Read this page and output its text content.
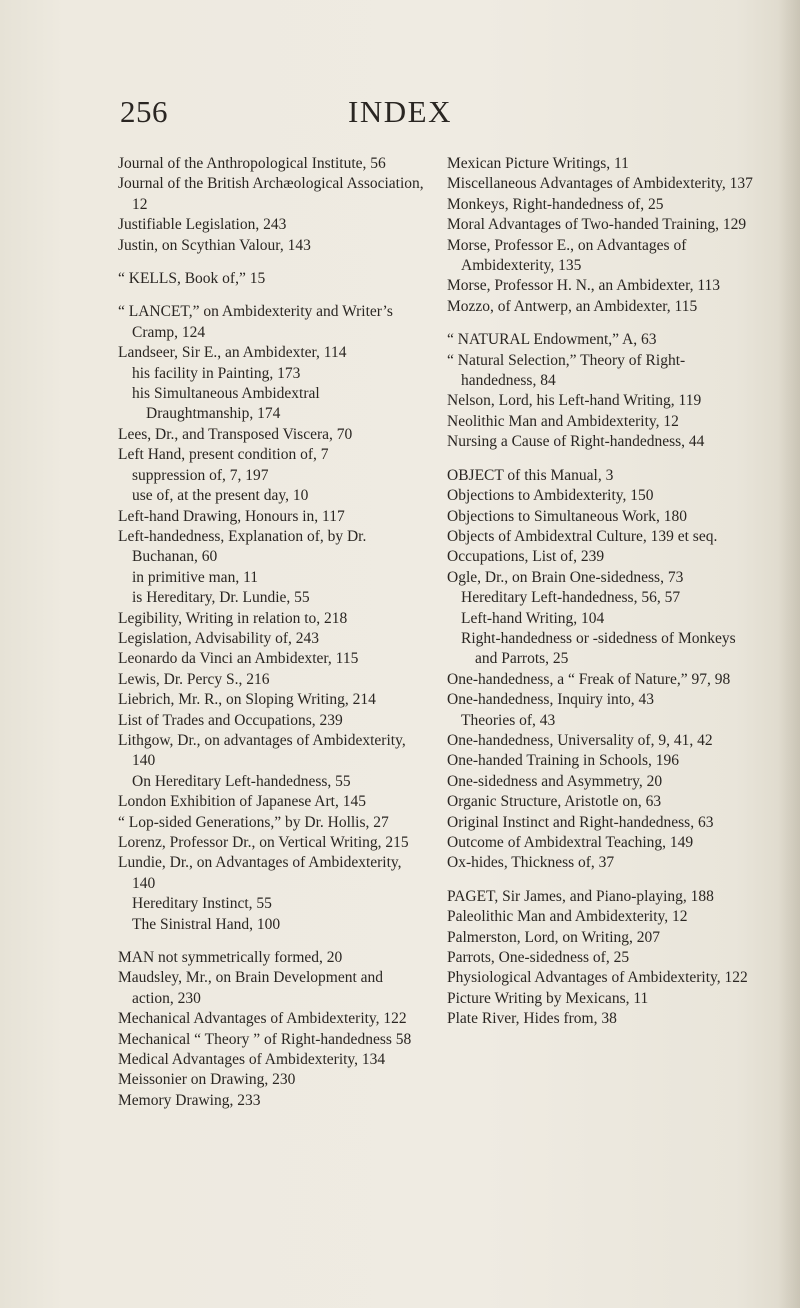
256	INDEX
Journal of the Anthropological Institute, 56
Journal of the British Archæological Association, 12
Justifiable Legislation, 243
Justin, on Scythian Valour, 143
“ KELLS, Book of,” 15
“ LANCET,” on Ambidexterity and Writer’s Cramp, 124
Landseer, Sir E., an Ambidexter, 114
his facility in Painting, 173
his Simultaneous Ambidextral Draughtmanship, 174
Lees, Dr., and Transposed Viscera, 70
Left Hand, present condition of, 7
suppression of, 7, 197
use of, at the present day, 10
Left-hand Drawing, Honours in, 117
Left-handedness, Explanation of, by Dr. Buchanan, 60
in primitive man, 11
is Hereditary, Dr. Lundie, 55
Legibility, Writing in relation to, 218
Legislation, Advisability of, 243
Leonardo da Vinci an Ambidexter, 115
Lewis, Dr. Percy S., 216
Liebrich, Mr. R., on Sloping Writing, 214
List of Trades and Occupations, 239
Lithgow, Dr., on advantages of Ambidexterity, 140
On Hereditary Left-handedness, 55
London Exhibition of Japanese Art, 145
“ Lop-sided Generations,” by Dr. Hollis, 27
Lorenz, Professor Dr., on Vertical Writing, 215
Lundie, Dr., on Advantages of Ambidexterity, 140
Hereditary Instinct, 55
The Sinistral Hand, 100
MAN not symmetrically formed, 20
Maudsley, Mr., on Brain Development and action, 230
Mechanical Advantages of Ambidexterity, 122
Mechanical “ Theory ” of Right-handedness 58
Medical Advantages of Ambidexterity, 134
Meissonier on Drawing, 230
Memory Drawing, 233
Mexican Picture Writings, 11
Miscellaneous Advantages of Ambidexterity, 137
Monkeys, Right-handedness of, 25
Moral Advantages of Two-handed Training, 129
Morse, Professor E., on Advantages of Ambidexterity, 135
Morse, Professor H. N., an Ambidexter, 113
Mozzo, of Antwerp, an Ambidexter, 115
“ NATURAL Endowment,” A, 63
“ Natural Selection,” Theory of Right-handedness, 84
Nelson, Lord, his Left-hand Writing, 119
Neolithic Man and Ambidexterity, 12
Nursing a Cause of Right-handedness, 44
OBJECT of this Manual, 3
Objections to Ambidexterity, 150
Objections to Simultaneous Work, 180
Objects of Ambidextral Culture, 139 et seq.
Occupations, List of, 239
Ogle, Dr., on Brain One-sidedness, 73
Hereditary Left-handedness, 56, 57
Left-hand Writing, 104
Right-handedness or -sidedness of Monkeys and Parrots, 25
One-handedness, a “ Freak of Nature,” 97, 98
One-handedness, Inquiry into, 43
Theories of, 43
One-handedness, Universality of, 9, 41, 42
One-handed Training in Schools, 196
One-sidedness and Asymmetry, 20
Organic Structure, Aristotle on, 63
Original Instinct and Right-handedness, 63
Outcome of Ambidextral Teaching, 149
Ox-hides, Thickness of, 37
PAGET, Sir James, and Piano-playing, 188
Paleolithic Man and Ambidexterity, 12
Palmerston, Lord, on Writing, 207
Parrots, One-sidedness of, 25
Physiological Advantages of Ambidexterity, 122
Picture Writing by Mexicans, 11
Plate River, Hides from, 38
